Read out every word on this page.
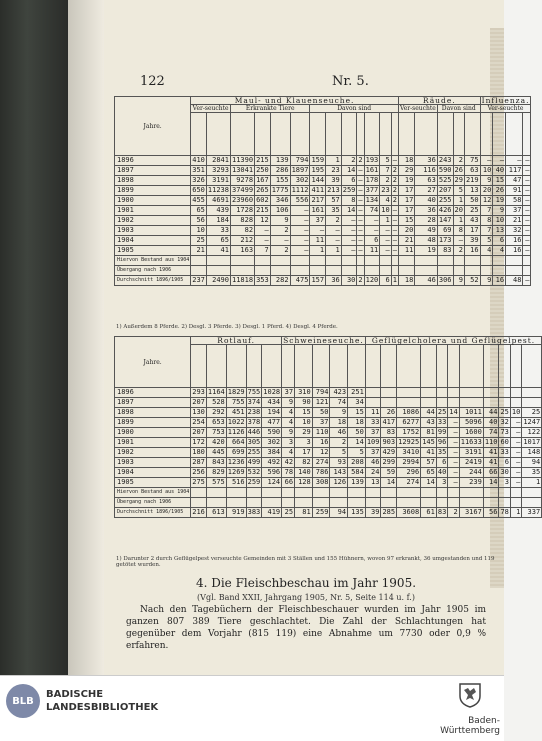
122	Nr. 5.
Jahre.	Maul- und Klauenseuche.													Räude.					Influenza.			
	Ver-seuchte		Erkrankte Tiere				Davon sind							Ver-seuchte		Davon sind			Ver-seuchte			

1896	410	2841	11390	215	139	794	159	1	2	2	193	5	–	18	36	243	2	75	–	–	–	–
1897	351	3293	13041	250	286	1897	195	23	14	–	161	7	2	29	116	590	26	63	10	40	117	–
1898	326	3191	9278	167	155	302	144	39	6	–	178	2	2	19	63	525	29	219	9	15	47	–
1899	650	11238	37499	265	1775	1112	411	213	259	–	377	23	2	17	27	207	5	13	20	26	91	–
1900	455	4691	23960	602	346	556	217	57	8	–	134	4	2	17	40	255	1	50	12	19	58	–
1901	65	439	1728	215	106	–	161	35	14	–	74	10	–	17	36	426	20	25	7	9	37	–
1902	56	184	828	12	9	–	37	2	–	–	–	1	–	15	28	147	1	43	8	10	21	–
1903	10	33	82	–	2	–	–	–	–	–	–	–	–	20	49	69	8	17	7	13	32	–
1904	25	65	212	–	–	–	11	–	–	–	6	–	–	21	48	173	–	39	5	6	16	–
1905	21	41	163	7	2	–	1	1	–	–	11	–	–	11	19	83	2	16	4	4	16	–
Hiervon Bestand aus 1904																						
Übergang nach 1906																						
Durchschnitt 1896/1905	237	2490	11818	353	282	475	157	36	30	2	120	6	1	18	46	306	9	52	9	16	48	–
1) Außerdem 8 Pferde. 2) Desgl. 3 Pferde. 3) Desgl. 1 Pferd. 4) Desgl. 4 Pferde.
Jahre.	Rotlauf.					Schweineseuche.					Geflügelcholera und Geflügelpest.										

1896	293	1164	1829	755	1028	37	310	794	423	251											
1897	207	528	755	374	434	9	90	121	74	34											
1898	130	292	451	238	194	4	15	50	9	15	11	26	1086	44	25	14	1011	44	25	10	25
1899	254	653	1022	378	477	4	10	37	18	18	33	417	6277	43	33	–	5096	40	32	–	1247
1900	207	753	1126	446	590	9	29	110	46	50	37	83	1752	81	99	–	1600	74	73	–	122
1901	172	420	664	305	302	3	3	16	2	14	109	903	12925	145	96	–	11633	110	60	–	1017
1902	180	445	699	255	384	4	17	12	5	5	37	429	3410	41	35	–	3191	41	33	–	148
1903	287	843	1236	499	492	42	82	274	93	208	46	299	2994	57	6	–	2419	41	6	–	94
1904	256	829	1269	532	596	78	140	786	143	584	24	59	296	65	40	–	244	66	30	–	35
1905	275	575	516	259	124	66	128	308	126	139	13	14	274	14	3	–	239	14	3	–	1
Hiervon Bestand aus 1904																					
Übergang nach 1906																					
Durchschnitt 1896/1905	216	613	919	383	419	25	81	259	94	135	39	285	3608	61	83	2	3167	56	78	1	337
1) Darunter 2 durch Geflügelpest verseuchte Gemeinden mit 3 Ställen und 155 Hühnern, wovon 97 erkrankt, 36 umgestanden und 119 getötet wurden.
4. Die Fleischbeschau im Jahr 1905.
(Vgl. Band XXII, Jahrgang 1905, Nr. 5, Seite 114 u. f.)
Nach den Tagebüchern der Fleischbeschauer wurden im Jahr 1905 im ganzen 807 389 Tiere geschlachtet. Die Zahl der Schlachtungen hat gegenüber dem Vorjahr (815 119) eine Abnahme um 7730 oder 0,9 % erfahren.
BLB
BADISCHE
LANDESBIBLIOTHEK
Baden-Württemberg
